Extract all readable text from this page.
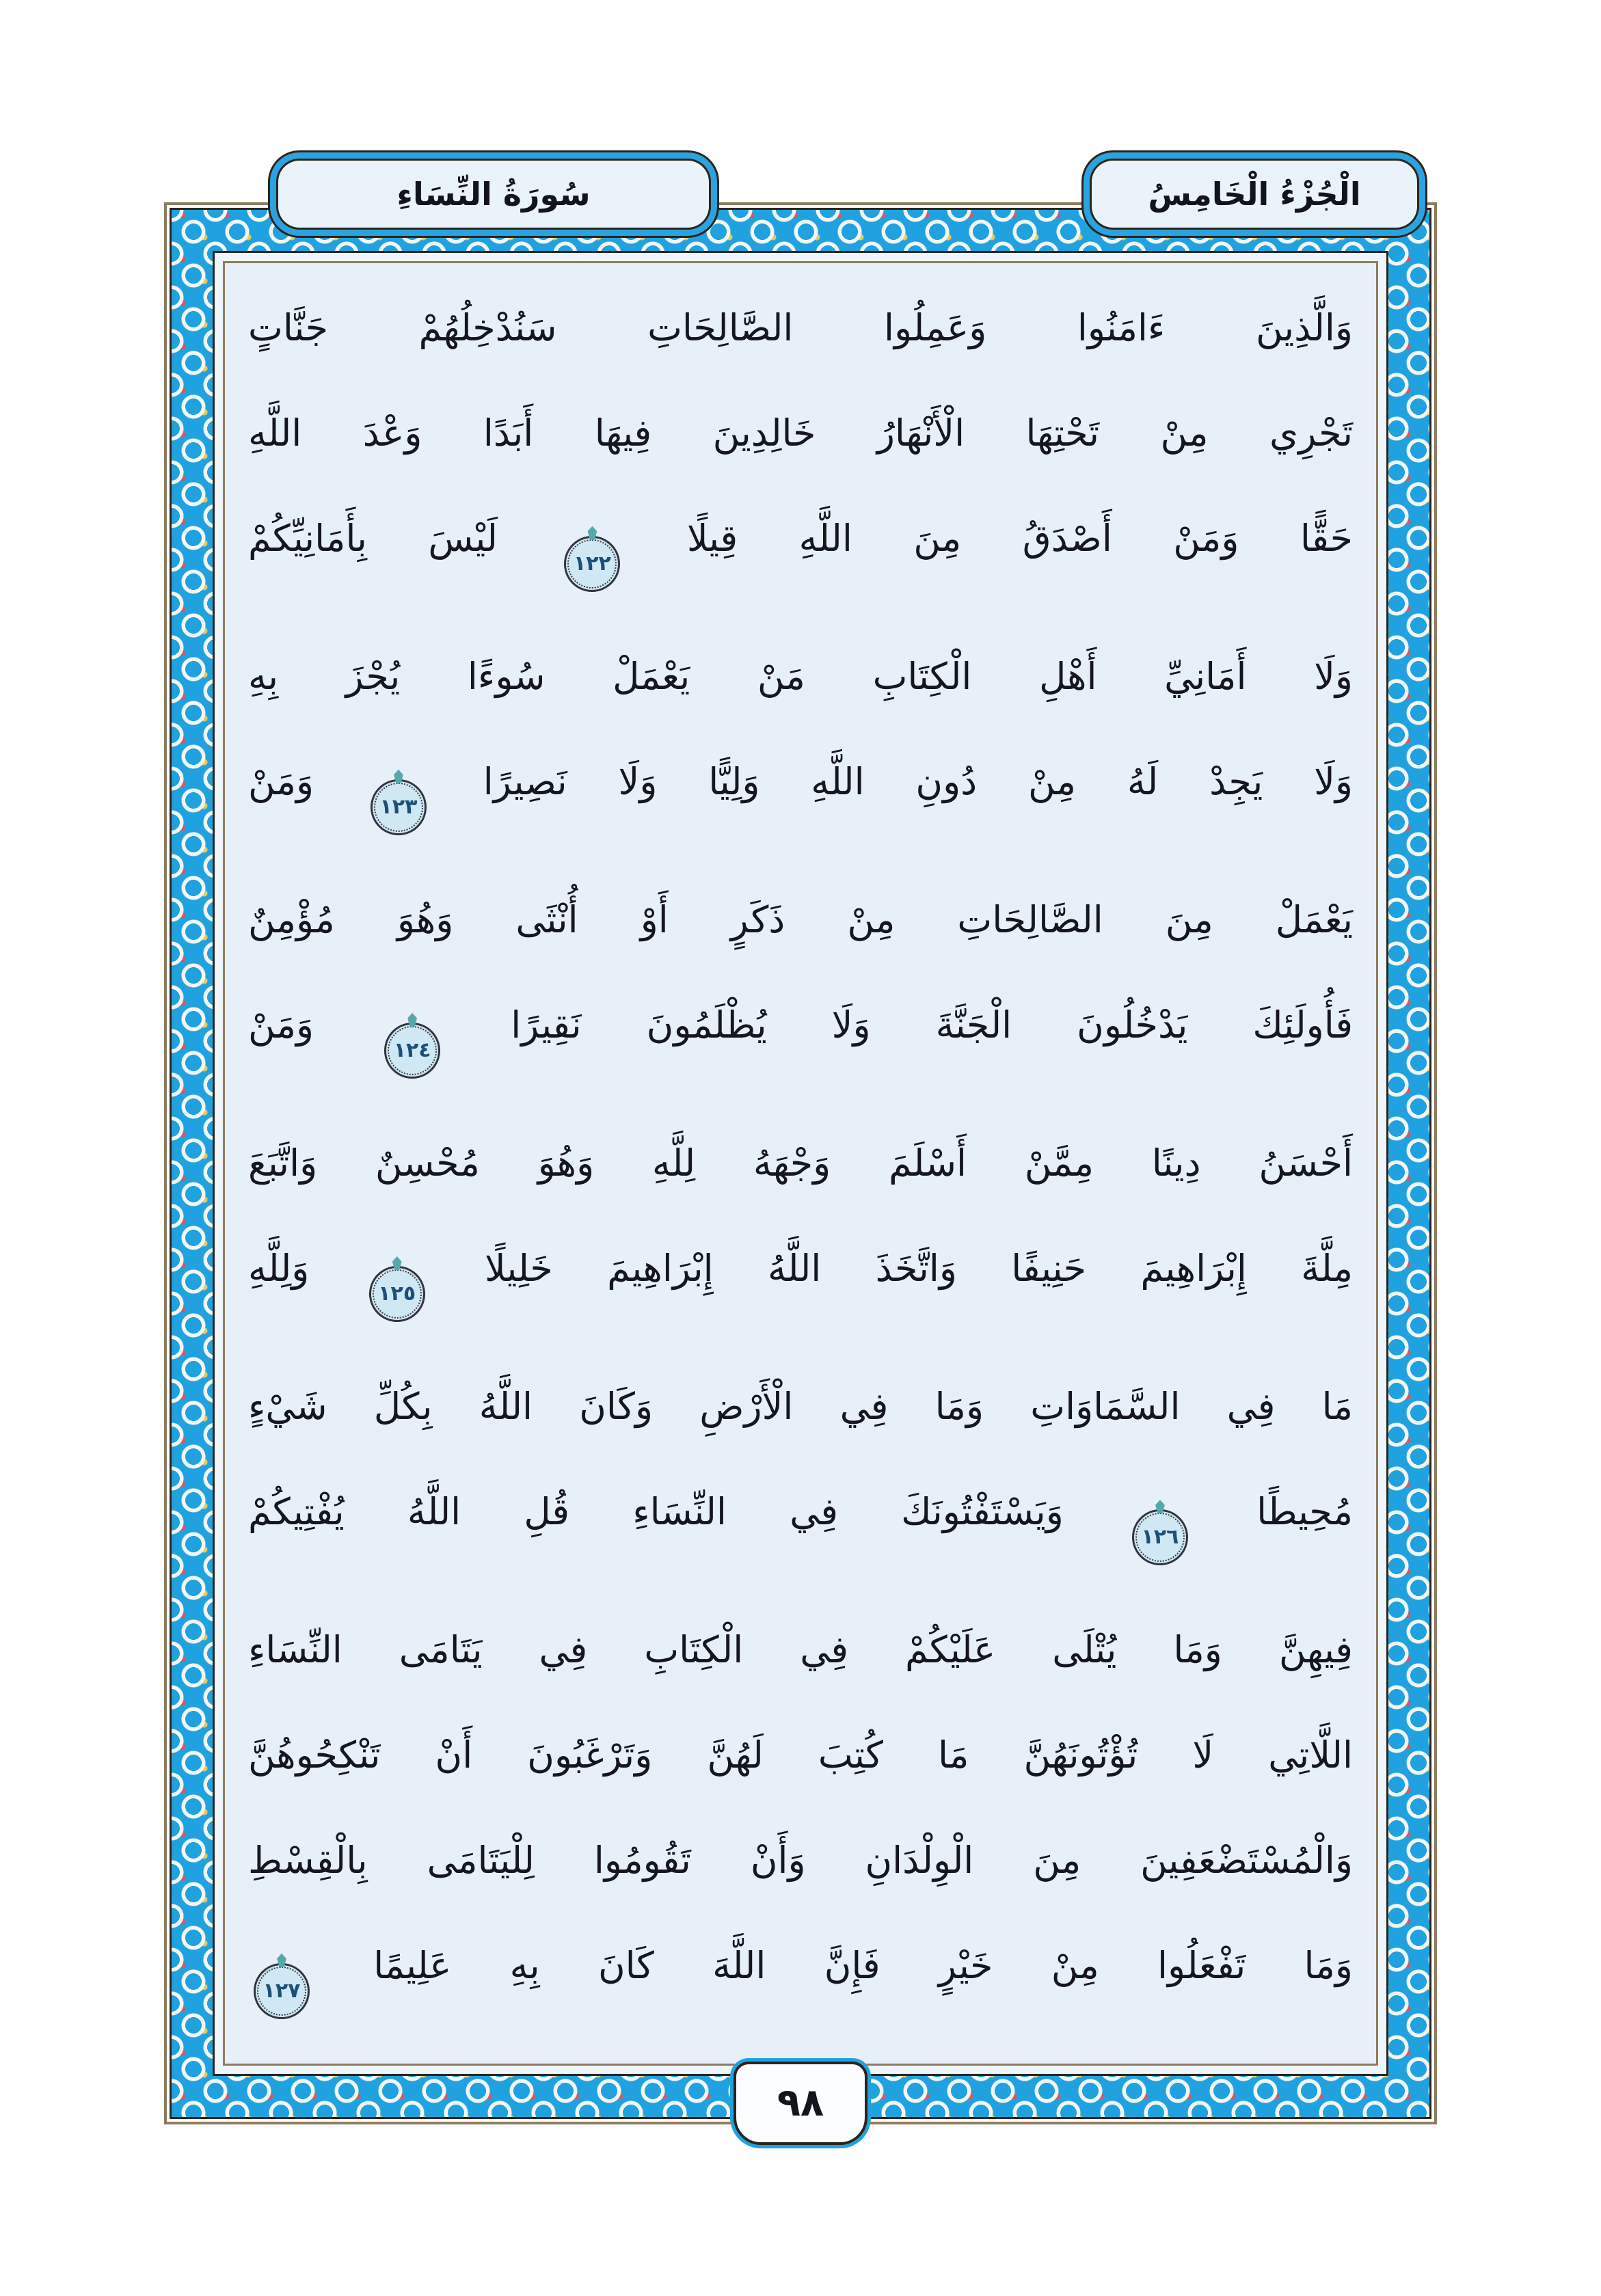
سُورَةُ النِّسَاءِ	الْجُزْءُ الْخَامِسُ
وَالَّذِينَ ءَامَنُوا وَعَمِلُوا الصَّالِحَاتِ سَنُدْخِلُهُمْ جَنَّاتٍ
تَجْرِي مِنْ تَحْتِهَا الْأَنْهَارُ خَالِدِينَ فِيهَا أَبَدًا وَعْدَ اللَّهِ
حَقًّا وَمَنْ أَصْدَقُ مِنَ اللَّهِ قِيلًا
١٢٢
لَيْسَ بِأَمَانِيِّكُمْ
وَلَا أَمَانِيِّ أَهْلِ الْكِتَابِ مَنْ يَعْمَلْ سُوءًا يُجْزَ بِهِ
وَلَا يَجِدْ لَهُ مِنْ دُونِ اللَّهِ وَلِيًّا وَلَا نَصِيرًا
١٢٣
وَمَنْ
يَعْمَلْ مِنَ الصَّالِحَاتِ مِنْ ذَكَرٍ أَوْ أُنْثَى وَهُوَ مُؤْمِنٌ
فَأُولَئِكَ يَدْخُلُونَ الْجَنَّةَ وَلَا يُظْلَمُونَ نَقِيرًا
١٢٤
وَمَنْ
أَحْسَنُ دِينًا مِمَّنْ أَسْلَمَ وَجْهَهُ لِلَّهِ وَهُوَ مُحْسِنٌ وَاتَّبَعَ
مِلَّةَ إِبْرَاهِيمَ حَنِيفًا وَاتَّخَذَ اللَّهُ إِبْرَاهِيمَ خَلِيلًا
١٢٥
وَلِلَّهِ
مَا فِي السَّمَاوَاتِ وَمَا فِي الْأَرْضِ وَكَانَ اللَّهُ بِكُلِّ شَيْءٍ
مُحِيطًا
١٢٦
وَيَسْتَفْتُونَكَ فِي النِّسَاءِ قُلِ اللَّهُ يُفْتِيكُمْ
فِيهِنَّ وَمَا يُتْلَى عَلَيْكُمْ فِي الْكِتَابِ فِي يَتَامَى النِّسَاءِ
اللَّاتِي لَا تُؤْتُونَهُنَّ مَا كُتِبَ لَهُنَّ وَتَرْغَبُونَ أَنْ تَنْكِحُوهُنَّ
وَالْمُسْتَضْعَفِينَ مِنَ الْوِلْدَانِ وَأَنْ تَقُومُوا لِلْيَتَامَى بِالْقِسْطِ
وَمَا تَفْعَلُوا مِنْ خَيْرٍ فَإِنَّ اللَّهَ كَانَ بِهِ عَلِيمًا
١٢٧
٩٨
